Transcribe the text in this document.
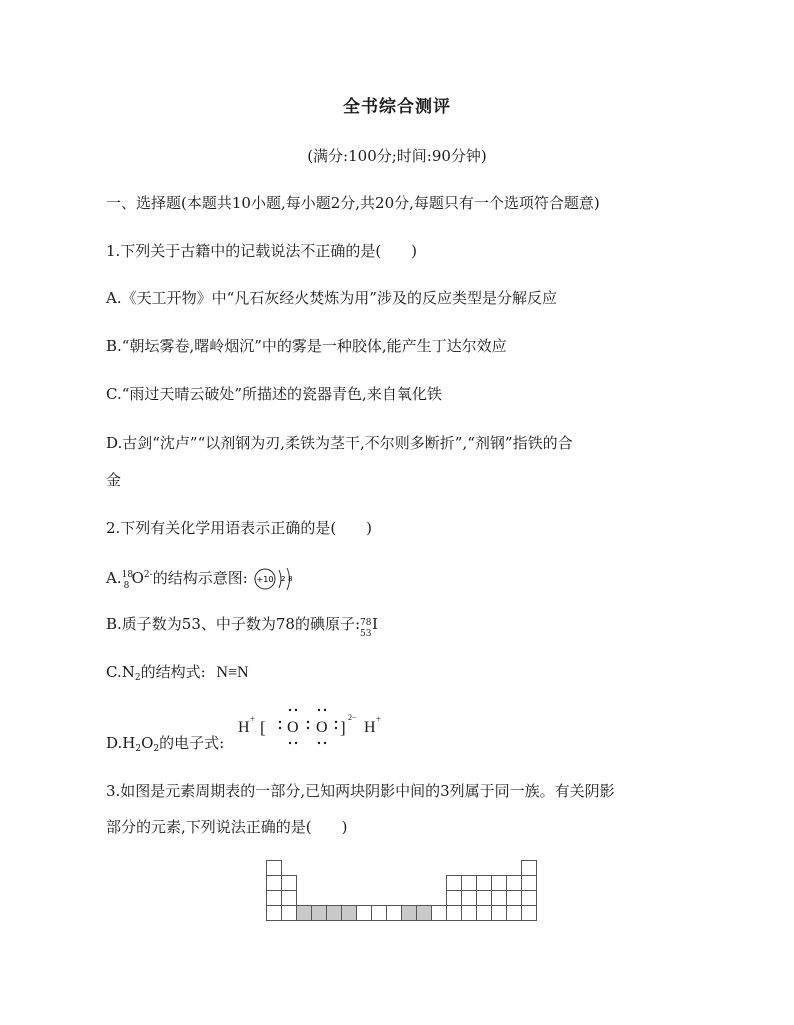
全书综合测评
(满分:100分;时间:90分钟)
一、选择题(本题共10小题,每小题2分,共20分,每题只有一个选项符合题意)
1.下列关于古籍中的记载说法不正确的是(　　)
A.《天工开物》中“凡石灰经火焚炼为用”涉及的反应类型是分解反应
B.“朝坛雾卷,曙岭烟沉”中的雾是一种胶体,能产生丁达尔效应
C.“雨过天晴云破处”所描述的瓷器青色,来自氧化铁
D.古剑“沈卢”“以剂钢为刃,柔铁为茎干,不尔则多断折”,“剂钢”指铁的合
金
2.下列有关化学用语表示正确的是(　　)
A. 18
8 $O^{2-}$的结构示意图: +10 2 8
B.质子数为53、中子数为78的碘原子: 78
53
I
$C.N_2$的结构式: N≡N
$D.H_2O_2$的电子式:
H + [ O O ]
2−
H +
3.如图是元素周期表的一部分,已知两块阴影中间的3列属于同一族。有关阴影
部分的元素,下列说法正确的是(　　)
